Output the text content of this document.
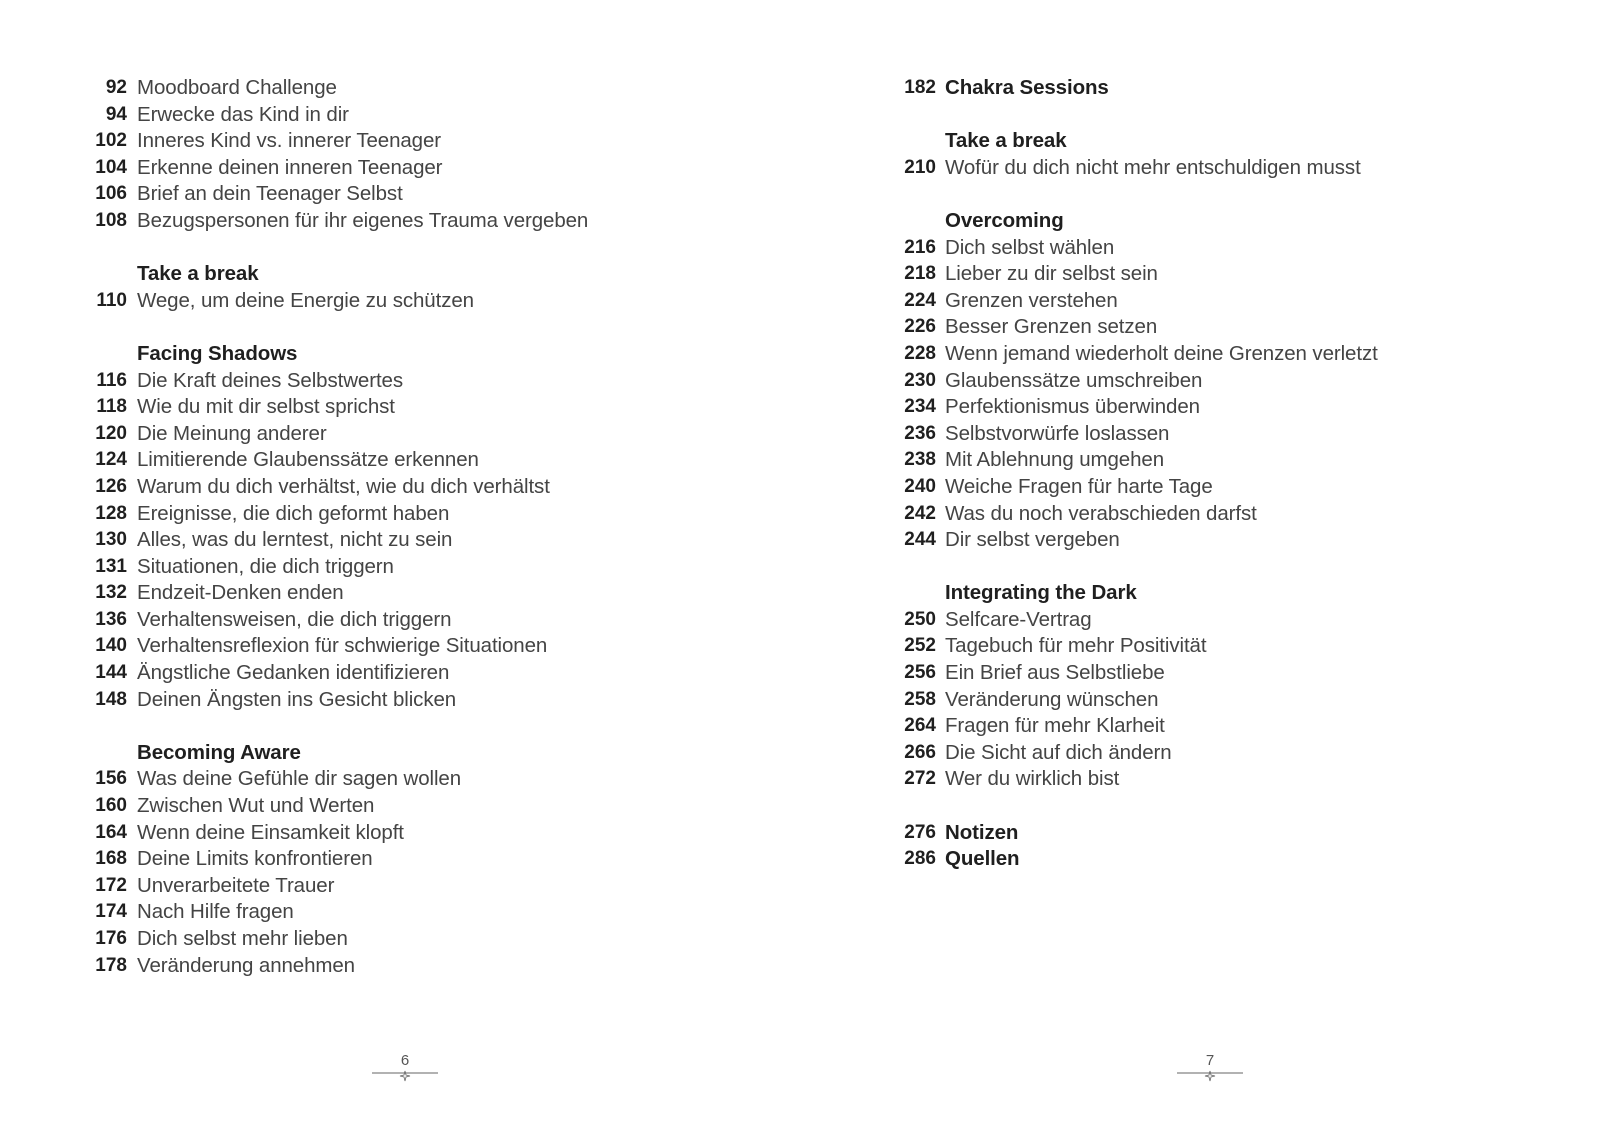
92 Moodboard Challenge
94 Erwecke das Kind in dir
102 Inneres Kind vs. innerer Teenager
104 Erkenne deinen inneren Teenager
106 Brief an dein Teenager Selbst
108 Bezugspersonen für ihr eigenes Trauma vergeben
Take a break
110 Wege, um deine Energie zu schützen
Facing Shadows
116 Die Kraft deines Selbstwertes
118 Wie du mit dir selbst sprichst
120 Die Meinung anderer
124 Limitierende Glaubenssätze erkennen
126 Warum du dich verhältst, wie du dich verhältst
128 Ereignisse, die dich geformt haben
130 Alles, was du lerntest, nicht zu sein
131 Situationen, die dich triggern
132 Endzeit-Denken enden
136 Verhaltensweisen, die dich triggern
140 Verhaltensreflexion für schwierige Situationen
144 Ängstliche Gedanken identifizieren
148 Deinen Ängsten ins Gesicht blicken
Becoming Aware
156 Was deine Gefühle dir sagen wollen
160 Zwischen Wut und Werten
164 Wenn deine Einsamkeit klopft
168 Deine Limits konfrontieren
172 Unverarbeitete Trauer
174 Nach Hilfe fragen
176 Dich selbst mehr lieben
178 Veränderung annehmen
6
182 Chakra Sessions
Take a break
210 Wofür du dich nicht mehr entschuldigen musst
Overcoming
216 Dich selbst wählen
218 Lieber zu dir selbst sein
224 Grenzen verstehen
226 Besser Grenzen setzen
228 Wenn jemand wiederholt deine Grenzen verletzt
230 Glaubenssätze umschreiben
234 Perfektionismus überwinden
236 Selbstvorwürfe loslassen
238 Mit Ablehnung umgehen
240 Weiche Fragen für harte Tage
242 Was du noch verabschieden darfst
244 Dir selbst vergeben
Integrating the Dark
250 Selfcare-Vertrag
252 Tagebuch für mehr Positivität
256 Ein Brief aus Selbstliebe
258 Veränderung wünschen
264 Fragen für mehr Klarheit
266 Die Sicht auf dich ändern
272 Wer du wirklich bist
276 Notizen
286 Quellen
7
